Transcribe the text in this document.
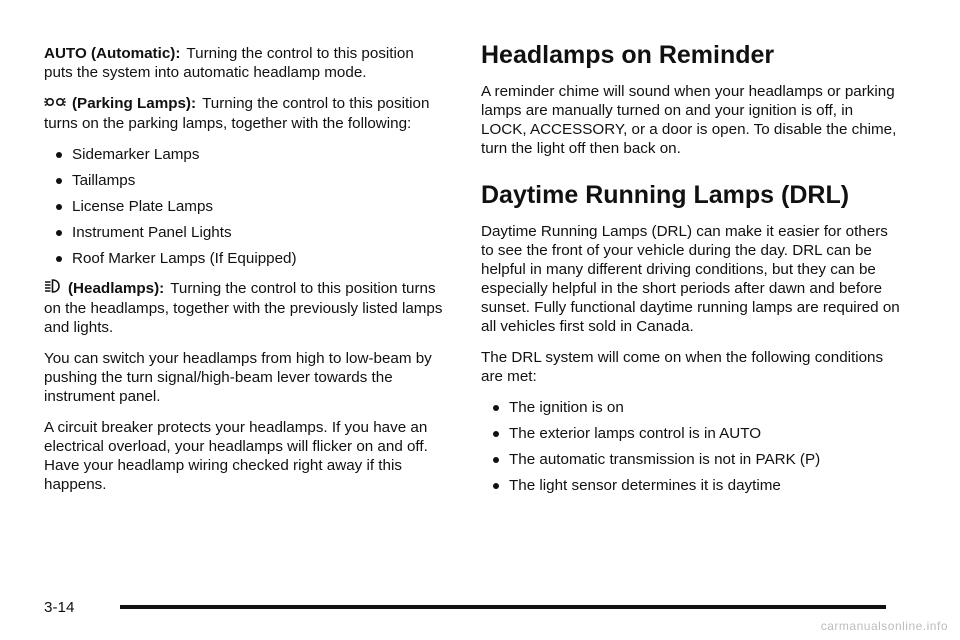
AUTO (Automatic): Turning the control to this position puts the system into automatic headlamp mode.

(Parking Lamps): Turning the control to this position turns on the parking lamps, together with the following:

Sidemarker Lamps
Taillamps
License Plate Lamps
Instrument Panel Lights
Roof Marker Lamps (If Equipped)

(Headlamps): Turning the control to this position turns on the headlamps, together with the previously listed lamps and lights.

You can switch your headlamps from high to low-beam by pushing the turn signal/high-beam lever towards the instrument panel.

A circuit breaker protects your headlamps. If you have an electrical overload, your headlamps will flicker on and off. Have your headlamp wiring checked right away if this happens.

Headlamps on Reminder

A reminder chime will sound when your headlamps or parking lamps are manually turned on and your ignition is off, in LOCK, ACCESSORY, or a door is open. To disable the chime, turn the light off then back on.

Daytime Running Lamps (DRL)

Daytime Running Lamps (DRL) can make it easier for others to see the front of your vehicle during the day. DRL can be helpful in many different driving conditions, but they can be especially helpful in the short periods after dawn and before sunset. Fully functional daytime running lamps are required on all vehicles first sold in Canada.

The DRL system will come on when the following conditions are met:

The ignition is on
The exterior lamps control is in AUTO
The automatic transmission is not in PARK (P)
The light sensor determines it is daytime
3-14
carmanualsonline.info
